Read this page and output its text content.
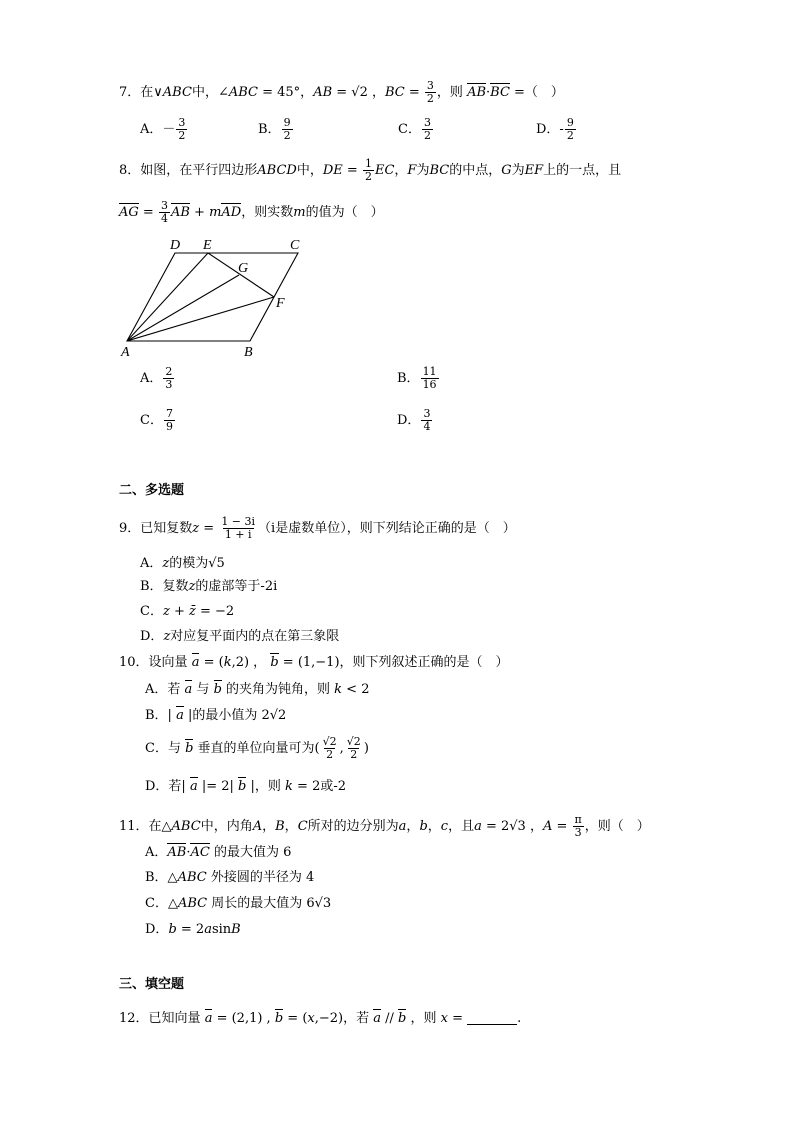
7．在∨ABC中，∠ABC = 45°，AB = √2 ，BC = $\frac{3}{2}$ ，则 AB·BC =（　）
A．－ $\frac{3}{2}$	B． $\frac{9}{2}$	C． $\frac{3}{2}$	D．- $\frac{9}{2}$
8．如图，在平行四边形ABCD中，DE = $\frac{1}{2}$ EC，F为BC的中点，G为EF上的一点，且
AG = $\frac{3}{4}$ AB + mAD，则实数m的值为（　）
D E	C
G
F
A	B
A． $\frac{2}{3}$	B． $\frac{11}{16}$
C． $\frac{7}{9}$	D． $\frac{3}{4}$
二、多选题
9．已知复数$z = \frac{1 - 3i}{1 + i} (i$是虚数单位），则下列结论正确的是（　）
A．z的模为√5
B．复数z的虚部等于-2i
C．z + z̄ = −2
D．z对应复平面内的点在第三象限
10．设向量 a = (k,2) ， b = (1,−1)，则下列叙述正确的是（　）
A．若 a 与 b 的夹角为钝角，则 k < 2
B．| a |的最小值为 2√2
C．与 b 垂直的单位向量可为( $\frac{√2}{2}$ , $\frac{√2}{2}$ )
D．若| a |= 2| b |，则 k = 2或-2
11．在△ABC中，内角A，B，C所对的边分别为a，b，c，且a = 2√3 ，$A = \frac{\pi}{3}$ ，则（　）
A．AB·AC 的最大值为 6
B．△ABC 外接圆的半径为 4
C．△ABC 周长的最大值为 6√3
D．b = 2asinB
三、填空题
12．已知向量 a = (2,1) , b = (x,−2)，若 a // b ，则 x =	.
